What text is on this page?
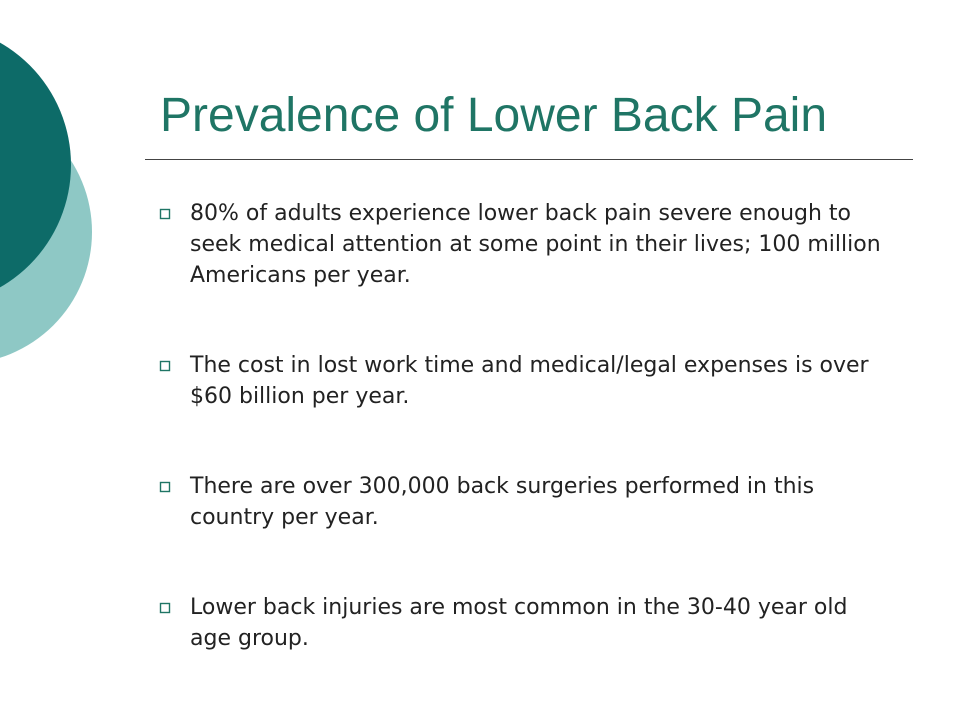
Prevalence of Lower Back Pain
80% of adults experience lower back pain severe enough to seek medical attention at some point in their lives; 100 million Americans per year.
The cost in lost work time and medical/legal expenses is over $60 billion per year.
There are over 300,000 back surgeries performed in this country per year.
Lower back injuries are most common in the 30-40 year old age group.
